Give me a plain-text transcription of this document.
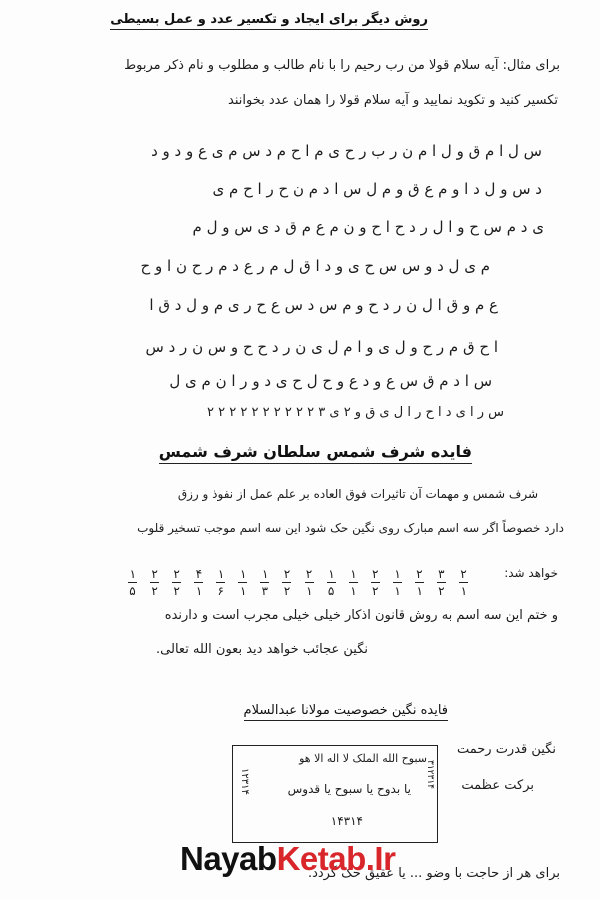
روش دیگر برای ایجاد و تکسیر عدد و عمل بسیطی
برای مثال: آیه سلام قولا من رب رحیم را با نام طالب و مطلوب و نام ذکر مربوط
تکسیر کنید و تکوید نمایید و آیه سلام قولا را همان عدد بخوانند
س ل ا م ق و ل ا م ن ر ب ر ح ی م ا ح م د س م ی ع و د و د
د س و ل د ا و م ع ق و م ل س ا د م ن ح ر ا ح م ی
ی د م س ح و ا ل ر د ح ا ح و ن م ع م ق د ی س و ل م
م ی ل د و س س ح ی و د ا ق ل م ر ع د م ر ح ن ا و ح
ع م و ق ا ل ن ر د ح و م س د س ع ح ر ی م و ل د ق ا
ا ح ق م ر ح و ل ی و ا م ل ی ن ر د ح ح و س ن ر د س
س ا د م ق س ع و د ع و ح ل ح ی د و ر ا ن م ی ل
س ر ا ی د ا ح ر ا ل ی ق و ۲ ی ۳ ۲ ۲ ۲ ۲ ۲ ۲ ۲ ۲ ۲ ۲
فایده شرف شمس سلطان شرف شمس
شرف شمس و مهمات آن تاثیرات فوق العاده بر علم عمل از نفوذ و رزق
دارد خصوصاً اگر سه اسم مبارک روی نگین حک شود این سه اسم موجب تسخیر قلوب
خواهد شد:
$\frac{۱}{۵} \frac{۲}{۲} \frac{۲}{۲} \frac{۴}{۱} \frac{۱}{۶} \frac{۱}{۱} \frac{۱}{۳} \frac{۲}{۲} \frac{۲}{۱} \frac{۱}{۵} \frac{۱}{۱} \frac{۲}{۲} \frac{۱}{۱} \frac{۲}{۱} \frac{۳}{۲} \frac{۲}{۱}$
و ختم این سه اسم به روش قانون اذکار خیلی خیلی مجرب است و دارنده
نگین عجائب خواهد دید بعون الله تعالی.
فایده نگین خصوصیت مولانا عبدالسلام
نگین قدرت رحمت
برکت عظمت
سبوح الله الملک لا اله الا هو
یا بدوح یا سبوح یا قدوس
۱۴۳۱۴
۱۲۳۱۴	۳۱۲۳۱۴
برای هر از حاجت با وضو ... یا عقیق حک گردد.
NayabKetab.Ir
